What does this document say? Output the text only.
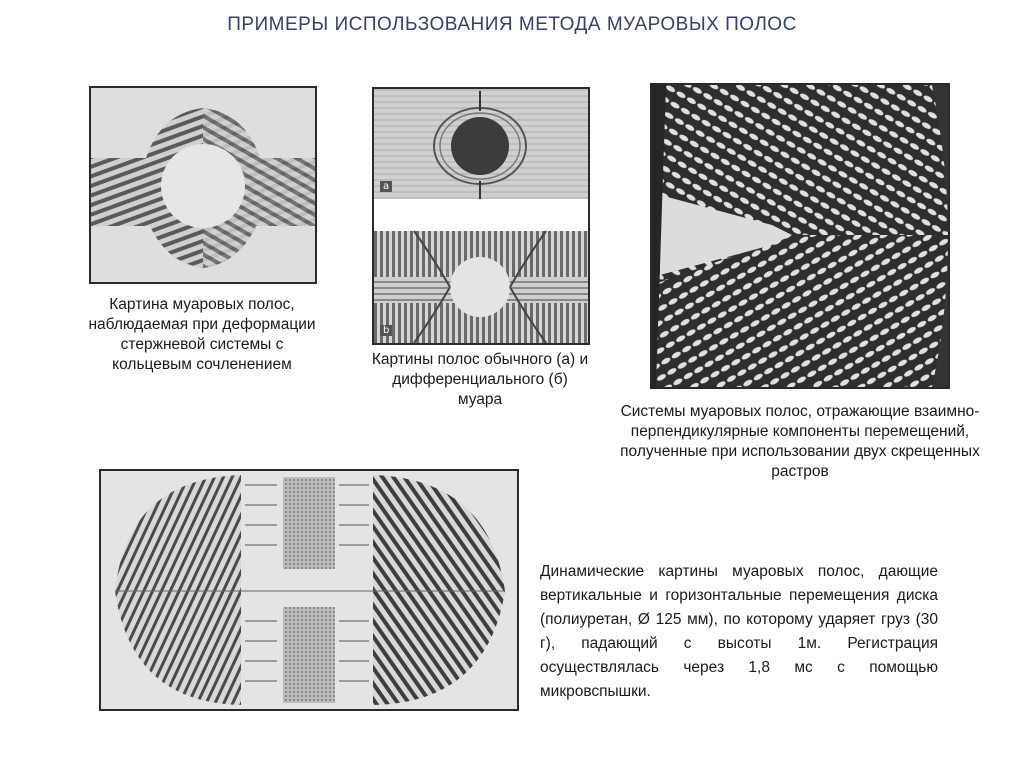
ПРИМЕРЫ ИСПОЛЬЗОВАНИЯ МЕТОДА МУАРОВЫХ ПОЛОС
Картина муаровых полос, наблюдаемая при деформации стержневой системы с кольцевым сочленением
а
b
Картины полос обычного (а) и дифференциального (б) муара
Системы муаровых полос, отражающие взаимно-перпендикулярные компоненты перемещений, полученные при использовании двух скрещенных растров
Динамические картины муаровых полос, дающие вертикальные и горизонтальные перемещения диска (полиуретан, Ø 125 мм), по которому ударяет груз (30 г), падающий с высоты 1м. Регистрация осуществлялась через 1,8 мс с помощью микровспышки.
